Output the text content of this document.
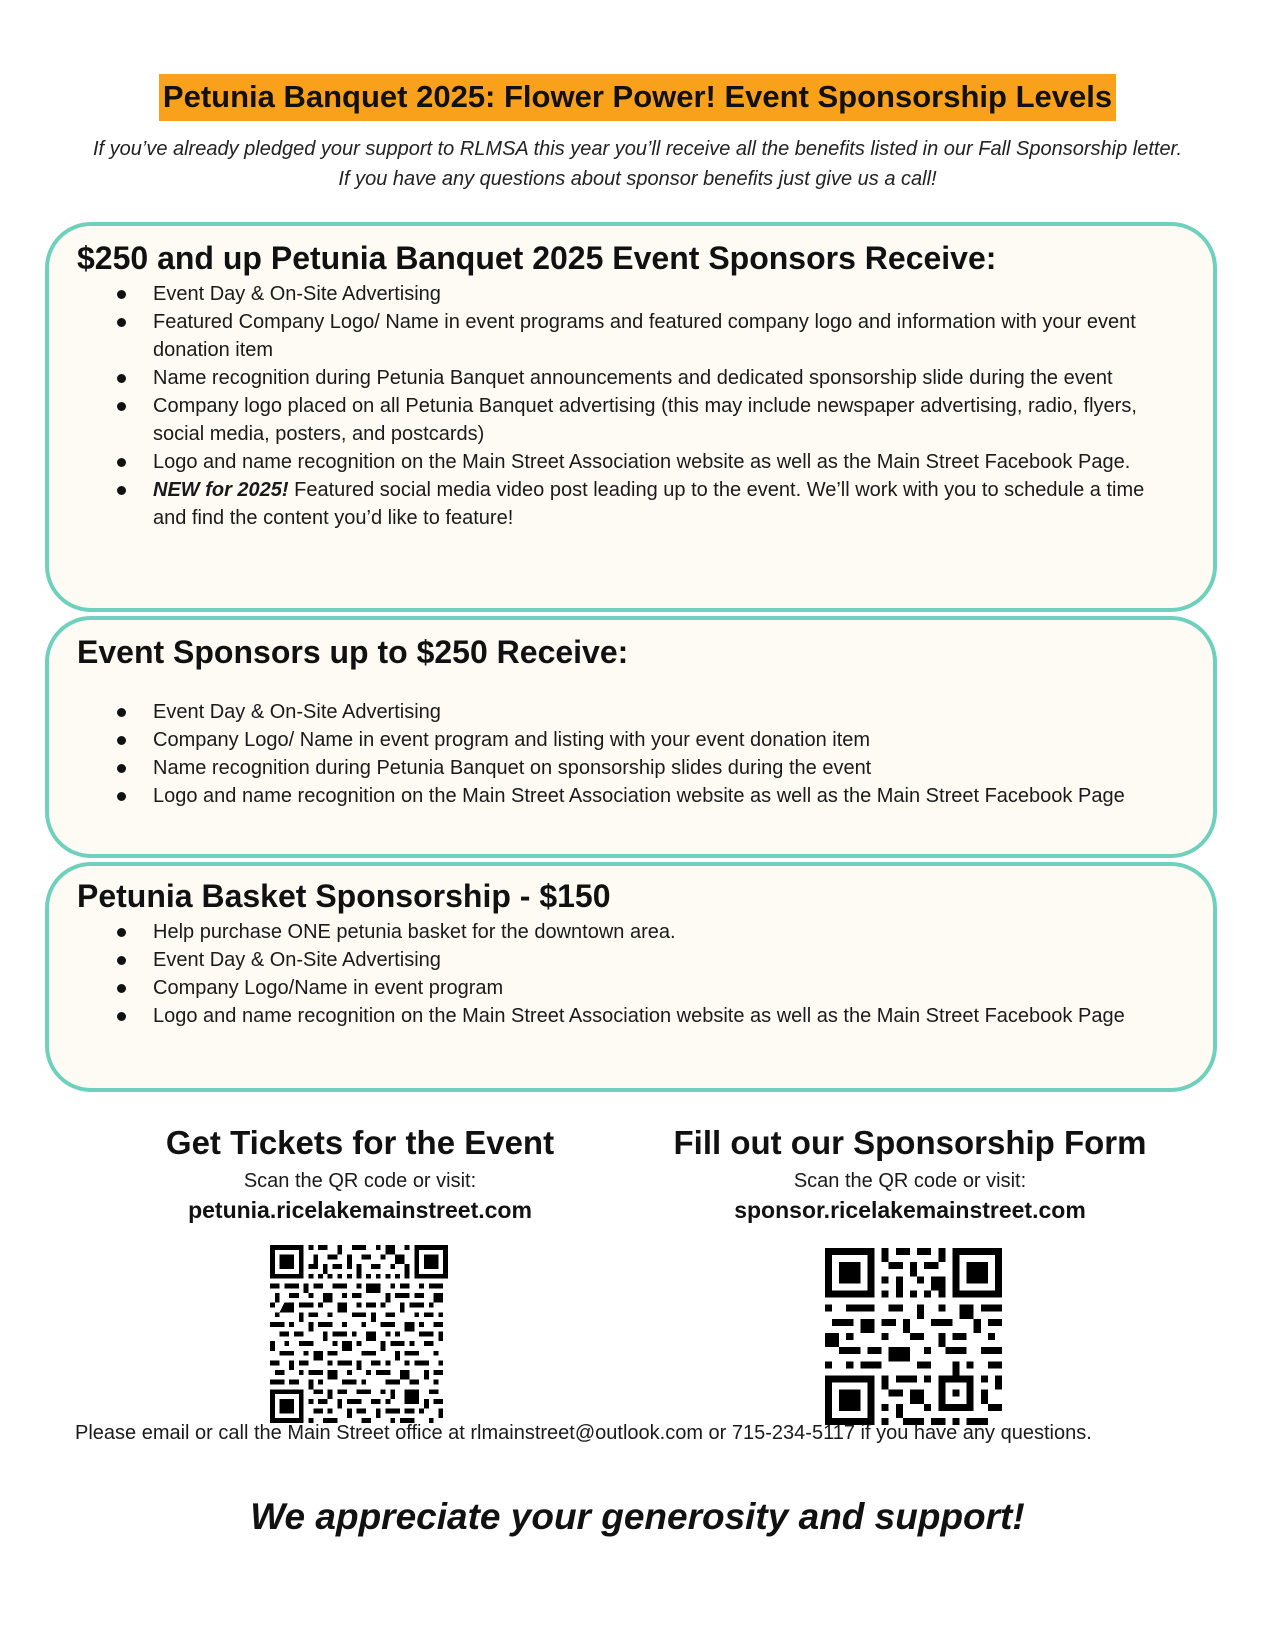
Petunia Banquet 2025: Flower Power! Event Sponsorship Levels
If you’ve already pledged your support to RLMSA this year you’ll receive all the benefits listed in our Fall Sponsorship letter. If you have any questions about sponsor benefits just give us a call!
$250 and up Petunia Banquet 2025 Event Sponsors Receive:
Event Day & On-Site Advertising
Featured Company Logo/ Name in event programs and featured company logo and information with your event donation item
Name recognition during Petunia Banquet announcements and dedicated sponsorship slide during the event
Company logo placed on all Petunia Banquet advertising (this may include newspaper advertising, radio, flyers, social media, posters, and postcards)
Logo and name recognition on the Main Street Association website as well as the Main Street Facebook Page.
NEW for 2025! Featured social media video post leading up to the event. We’ll work with you to schedule a time and find the content you’d like to feature!
Event Sponsors up to $250 Receive:
Event Day & On-Site Advertising
Company Logo/ Name in event program and listing with your event donation item
Name recognition during Petunia Banquet on sponsorship slides during the event
Logo and name recognition on the Main Street Association website as well as the Main Street Facebook Page
Petunia Basket Sponsorship - $150
Help purchase ONE petunia basket for the downtown area.
Event Day & On-Site Advertising
Company Logo/Name in event program
Logo and name recognition on the Main Street Association website as well as the Main Street Facebook Page
Get Tickets for the Event
Scan the QR code or visit:
petunia.ricelakemainstreet.com
Fill out our Sponsorship Form
Scan the QR code or visit:
sponsor.ricelakemainstreet.com
Please email or call the Main Street office at rlmainstreet@outlook.com or 715-234-5117 if you have any questions.
We appreciate your generosity and support!
